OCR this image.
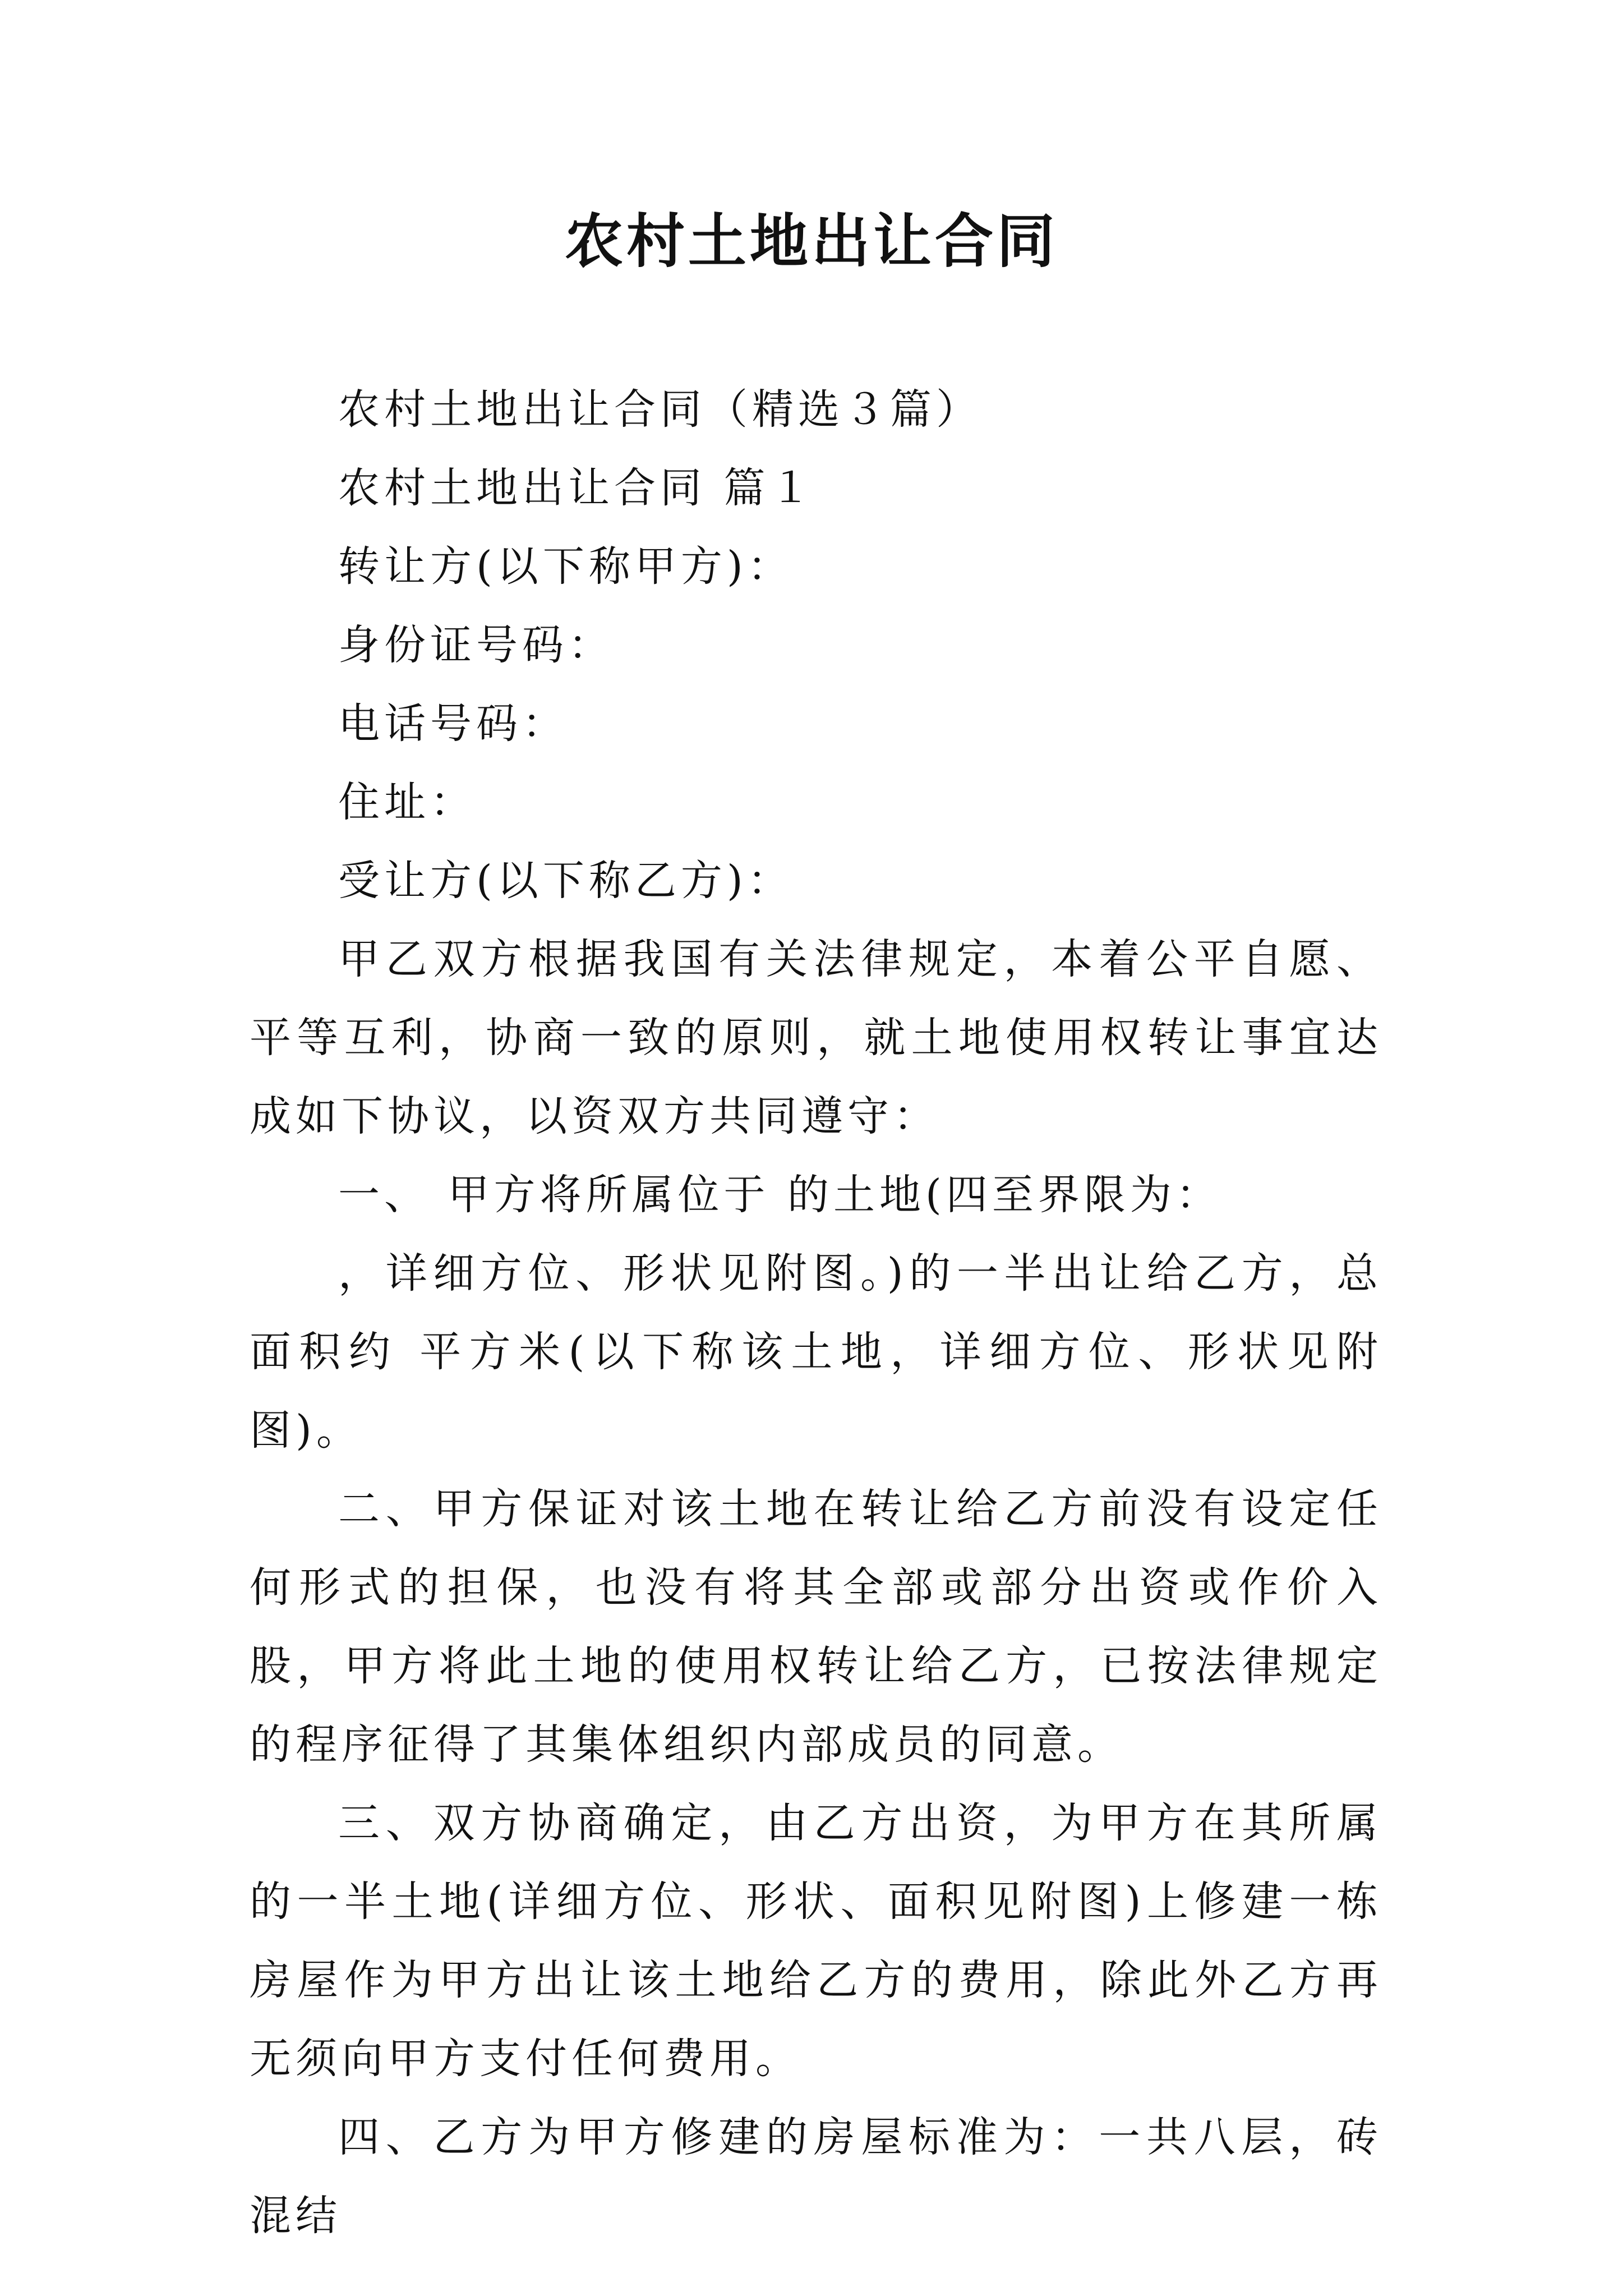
农村土地出让合同

农村土地出让合同（精选３篇）

农村土地出让合同 篇１

转让方(以下称甲方)：

身份证号码：

电话号码：

住址：

受让方(以下称乙方)：

甲乙双方根据我国有关法律规定，本着公平自愿、平等互利，协商一致的原则，就土地使用权转让事宜达成如下协议，以资双方共同遵守：

一、 甲方将所属位于 的土地(四至界限为：

，详细方位、形状见附图。)的一半出让给乙方，总面积约 平方米(以下称该土地，详细方位、形状见附图)。

二、甲方保证对该土地在转让给乙方前没有设定任何形式的担保，也没有将其全部或部分出资或作价入股，甲方将此土地的使用权转让给乙方，已按法律规定的程序征得了其集体组织内部成员的同意。

三、双方协商确定，由乙方出资，为甲方在其所属的一半土地(详细方位、形状、面积见附图)上修建一栋房屋作为甲方出让该土地给乙方的费用，除此外乙方再无须向甲方支付任何费用。

四、乙方为甲方修建的房屋标准为：一共八层，砖混结
